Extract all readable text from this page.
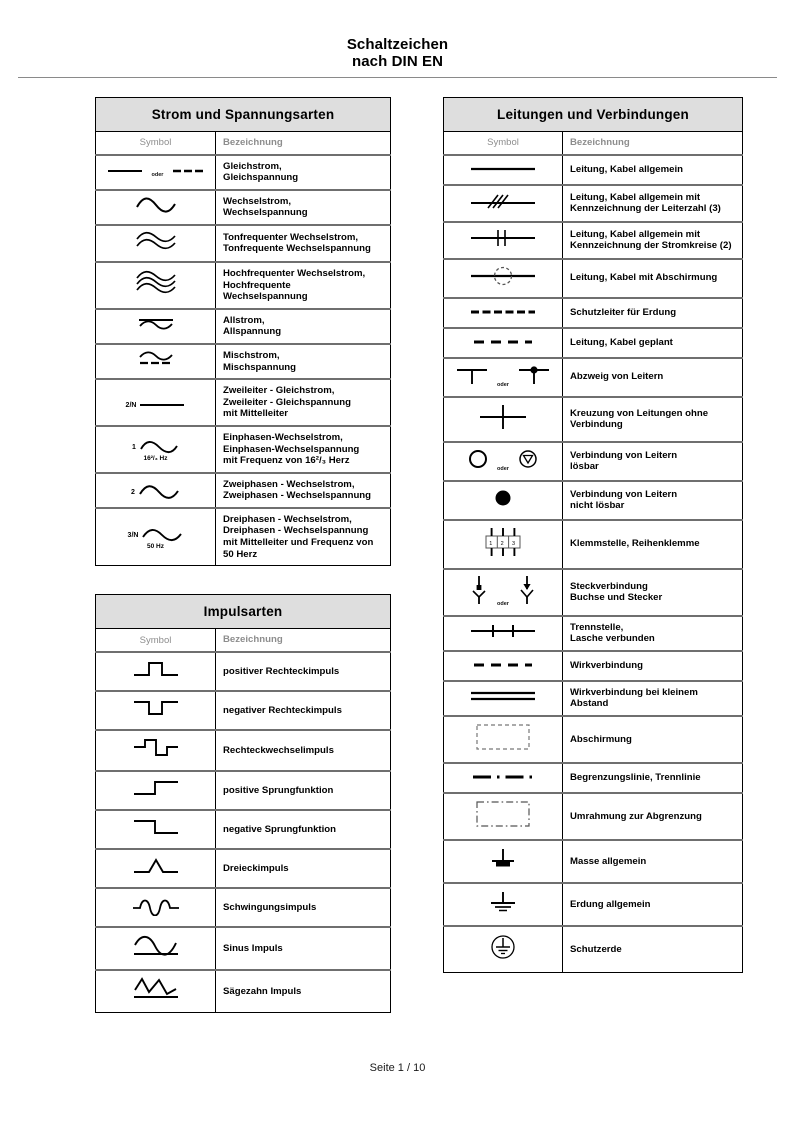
Schaltzeichen
nach DIN EN
Strom und Spannungsarten	
Symbol	Bezeichnung

oder	Gleichstrom,
Gleichspannung

Wechselstrom,
Wechselspannung

Tonfrequenter Wechselstrom,
Tonfrequente Wechselspannung

Hochfrequenter Wechselstrom,
Hochfrequente
Wechselspannung

Allstrom,
Allspannung

Mischstrom,
Mischspannung

2/N	Zweileiter - Gleichstrom,
Zweileiter - Gleichspannung
mit Mittelleiter

1
16²/₃ Hz	Einphasen-Wechselstrom,
Einphasen-Wechselspannung
mit Frequenz von 16²/₃ Herz

2	Zweiphasen - Wechselstrom,
Zweiphasen - Wechselspannung

3/N
50 Hz	Dreiphasen - Wechselstrom,
Dreiphasen - Wechselspannung
mit Mittelleiter und Frequenz von
50 Herz
Impulsarten	
Symbol	Bezeichnung

positiver Rechteckimpuls

negativer Rechteckimpuls

Rechteckwechselimpuls

positive Sprungfunktion

negative Sprungfunktion

Dreieckimpuls

Schwingungsimpuls

Sinus Impuls

Sägezahn Impuls
Leitungen und Verbindungen	
Symbol	Bezeichnung

Leitung, Kabel allgemein

Leitung, Kabel allgemein mit
Kennzeichnung der Leiterzahl (3)

Leitung, Kabel allgemein mit
Kennzeichnung der Stromkreise (2)

Leitung, Kabel mit Abschirmung

Schutzleiter für Erdung

Leitung, Kabel geplant

oder	Abzweig von Leitern

Kreuzung von Leitungen ohne
Verbindung

oder	Verbindung von Leitern
lösbar

Verbindung von Leitern
nicht lösbar

1 2 3	Klemmstelle, Reihenklemme

oder	Steckverbindung
Buchse und Stecker

Trennstelle,
Lasche verbunden

Wirkverbindung

Wirkverbindung bei kleinem
Abstand

Abschirmung

Begrenzungslinie, Trennlinie

Umrahmung zur Abgrenzung

Masse allgemein

Erdung allgemein

Schutzerde
Seite 1 / 10
